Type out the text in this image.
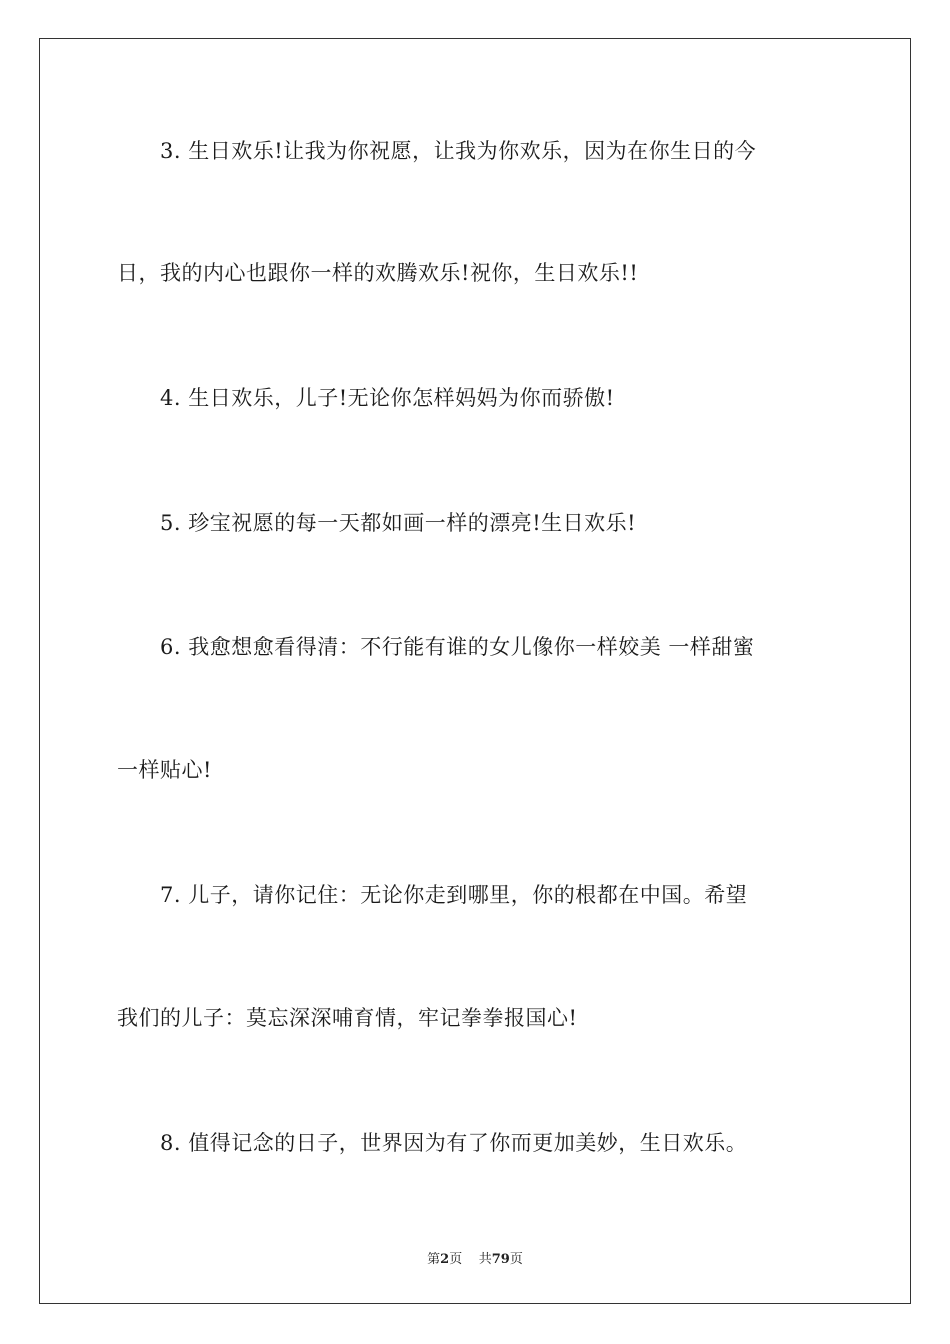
3. 生日欢乐!让我为你祝愿，让我为你欢乐，因为在你生日的今
日，我的内心也跟你一样的欢腾欢乐!祝你，生日欢乐!!
4. 生日欢乐，儿子!无论你怎样妈妈为你而骄傲!
5. 珍宝祝愿的每一天都如画一样的漂亮!生日欢乐!
6. 我愈想愈看得清：不行能有谁的女儿像你一样姣美 一样甜蜜
一样贴心!
7. 儿子，请你记住：无论你走到哪里，你的根都在中国。希望
我们的儿子：莫忘深深哺育情，牢记拳拳报国心!
8. 值得记念的日子，世界因为有了你而更加美妙，生日欢乐。
第2页    共79页
